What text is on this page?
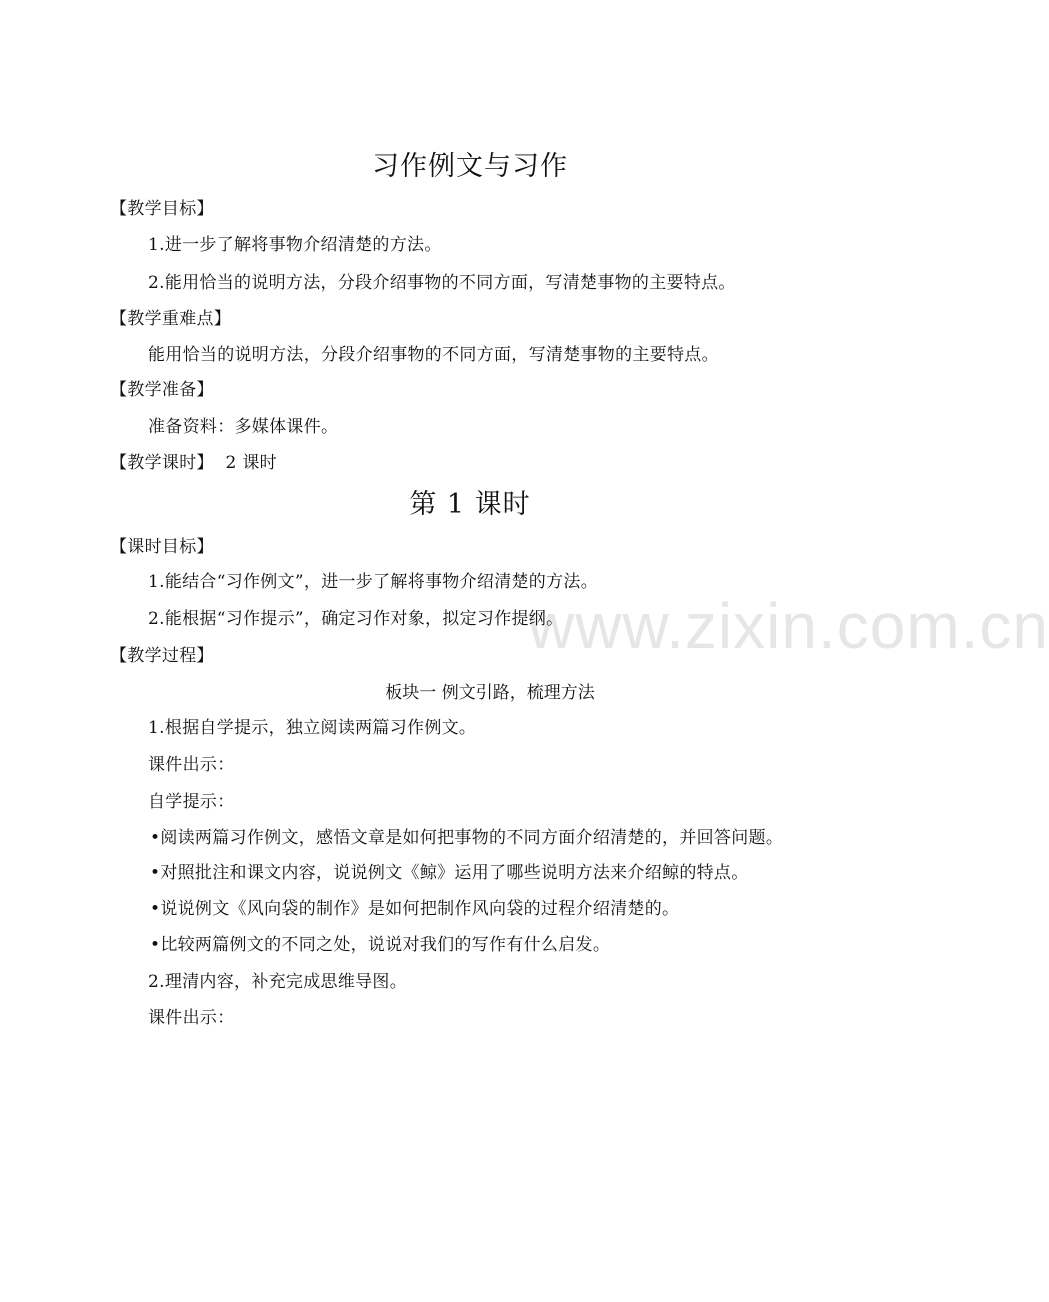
www.zixin.com.cn
习作例文与习作
【教学目标】
1.进一步了解将事物介绍清楚的方法。
2.能用恰当的说明方法，分段介绍事物的不同方面，写清楚事物的主要特点。
【教学重难点】
能用恰当的说明方法，分段介绍事物的不同方面，写清楚事物的主要特点。
【教学准备】
准备资料：多媒体课件。
【教学课时】 2 课时
第 1 课时
【课时目标】
1.能结合“习作例文”，进一步了解将事物介绍清楚的方法。
2.能根据“习作提示”，确定习作对象，拟定习作提纲。
【教学过程】
板块一 例文引路，梳理方法
1.根据自学提示，独立阅读两篇习作例文。
课件出示：
自学提示：
•阅读两篇习作例文，感悟文章是如何把事物的不同方面介绍清楚的，并回答问题。
•对照批注和课文内容，说说例文《鲸》运用了哪些说明方法来介绍鲸的特点。
•说说例文《风向袋的制作》是如何把制作风向袋的过程介绍清楚的。
•比较两篇例文的不同之处，说说对我们的写作有什么启发。
2.理清内容，补充完成思维导图。
课件出示：
